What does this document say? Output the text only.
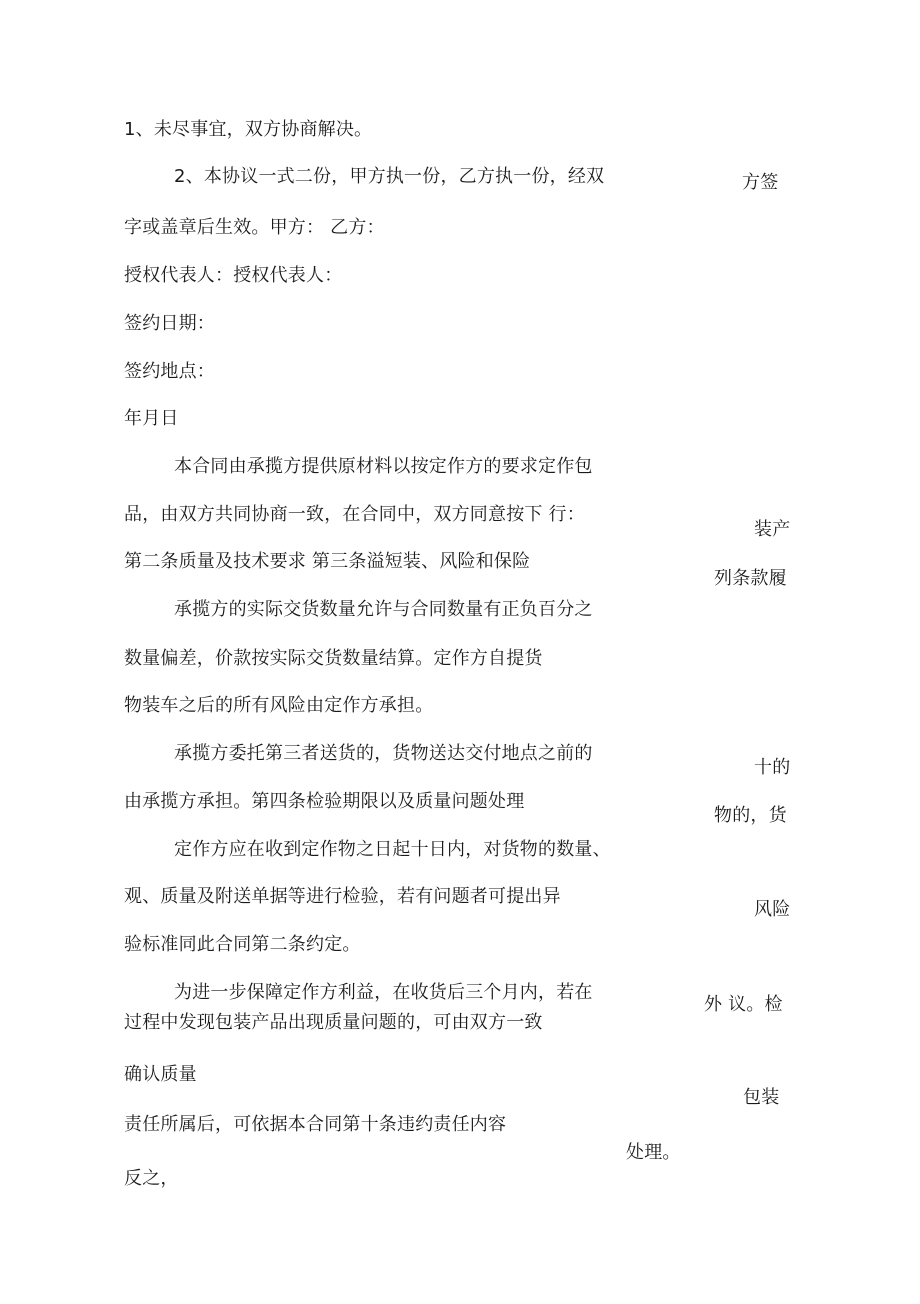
1、未尽事宜，双方协商解决。
2、本协议一式二份，甲方执一份，乙方执一份，经双
字或盖章后生效。甲方： 乙方：
授权代表人：授权代表人：
签约日期：
签约地点：
年月日
本合同由承揽方提供原材料以按定作方的要求定作包
品，由双方共同协商一致，在合同中，双方同意按下 行：
第二条质量及技术要求 第三条溢短装、风险和保险
承揽方的实际交货数量允许与合同数量有正负百分之
数量偏差，价款按实际交货数量结算。定作方自提货
物装车之后的所有风险由定作方承担。
承揽方委托第三者送货的，货物送达交付地点之前的
由承揽方承担。第四条检验期限以及质量问题处理
定作方应在收到定作物之日起十日内，对货物的数量、
观、质量及附送单据等进行检验，若有问题者可提出异
验标准同此合同第二条约定。
为进一步保障定作方利益，在收货后三个月内，若在
过程中发现包装产品出现质量问题的，可由双方一致
确认质量
责任所属后，可依据本合同第十条违约责任内容
反之，
方签
装产
列条款履
十的
物的，货
风险
外 议。检
包装
处理。
